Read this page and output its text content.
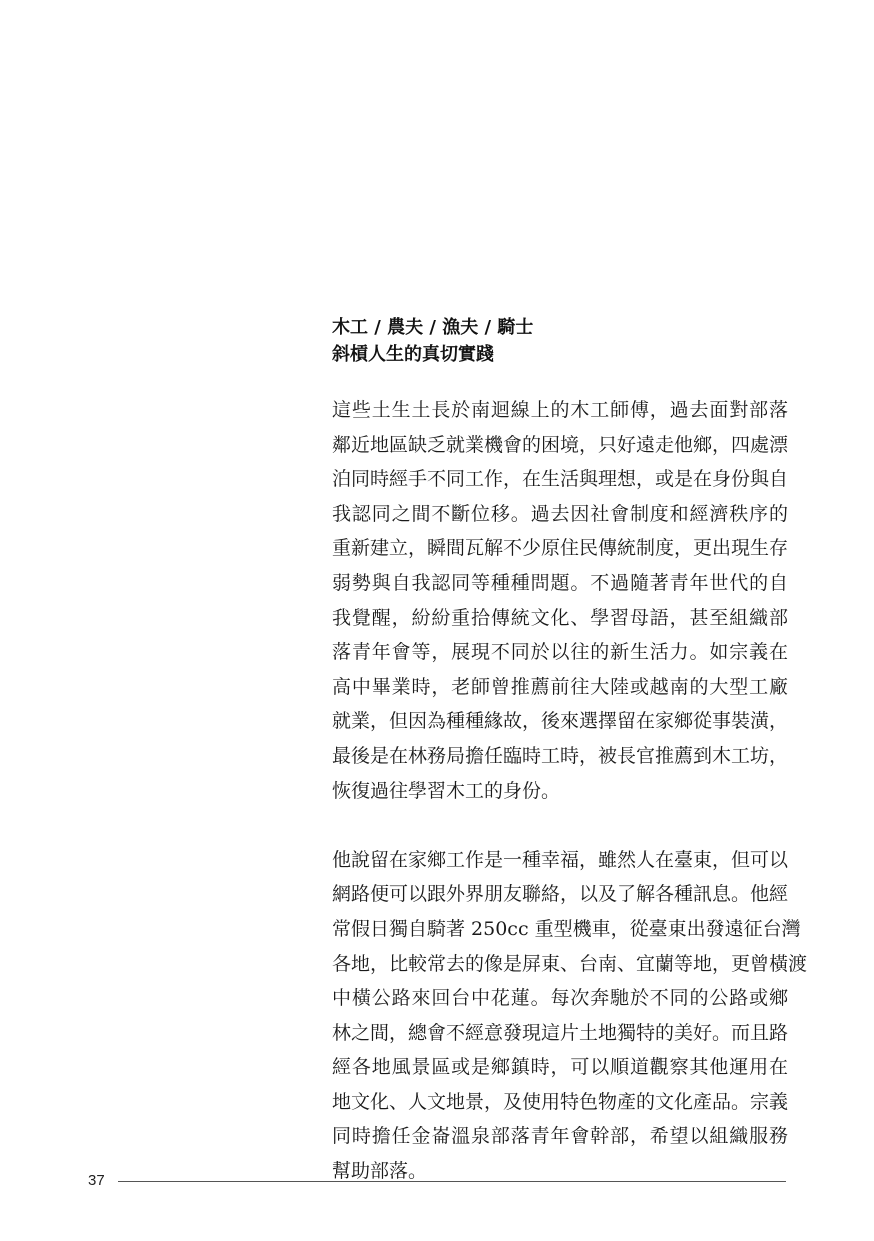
木工 / 農夫 / 漁夫 / 騎士
斜槓人生的真切實踐
這些土生土長於南迴線上的木工師傅，過去面對部落
鄰近地區缺乏就業機會的困境，只好遠走他鄉，四處漂
泊同時經手不同工作，在生活與理想，或是在身份與自
我認同之間不斷位移。過去因社會制度和經濟秩序的
重新建立，瞬間瓦解不少原住民傳統制度，更出現生存
弱勢與自我認同等種種問題。不過隨著青年世代的自
我覺醒，紛紛重拾傳統文化、學習母語，甚至組織部
落青年會等，展現不同於以往的新生活力。如宗義在
高中畢業時，老師曾推薦前往大陸或越南的大型工廠
就業，但因為種種緣故，後來選擇留在家鄉從事裝潢，
最後是在林務局擔任臨時工時，被長官推薦到木工坊，
恢復過往學習木工的身份。
他說留在家鄉工作是一種幸福，雖然人在臺東，但可以
網路便可以跟外界朋友聯絡，以及了解各種訊息。他經
常假日獨自騎著 250cc 重型機車，從臺東出發遠征台灣
各地，比較常去的像是屏東、台南、宜蘭等地，更曾橫渡
中橫公路來回台中花蓮。每次奔馳於不同的公路或鄉
林之間，總會不經意發現這片土地獨特的美好。而且路
經各地風景區或是鄉鎮時，可以順道觀察其他運用在
地文化、人文地景，及使用特色物產的文化產品。宗義
同時擔任金崙溫泉部落青年會幹部，希望以組織服務
幫助部落。
37
